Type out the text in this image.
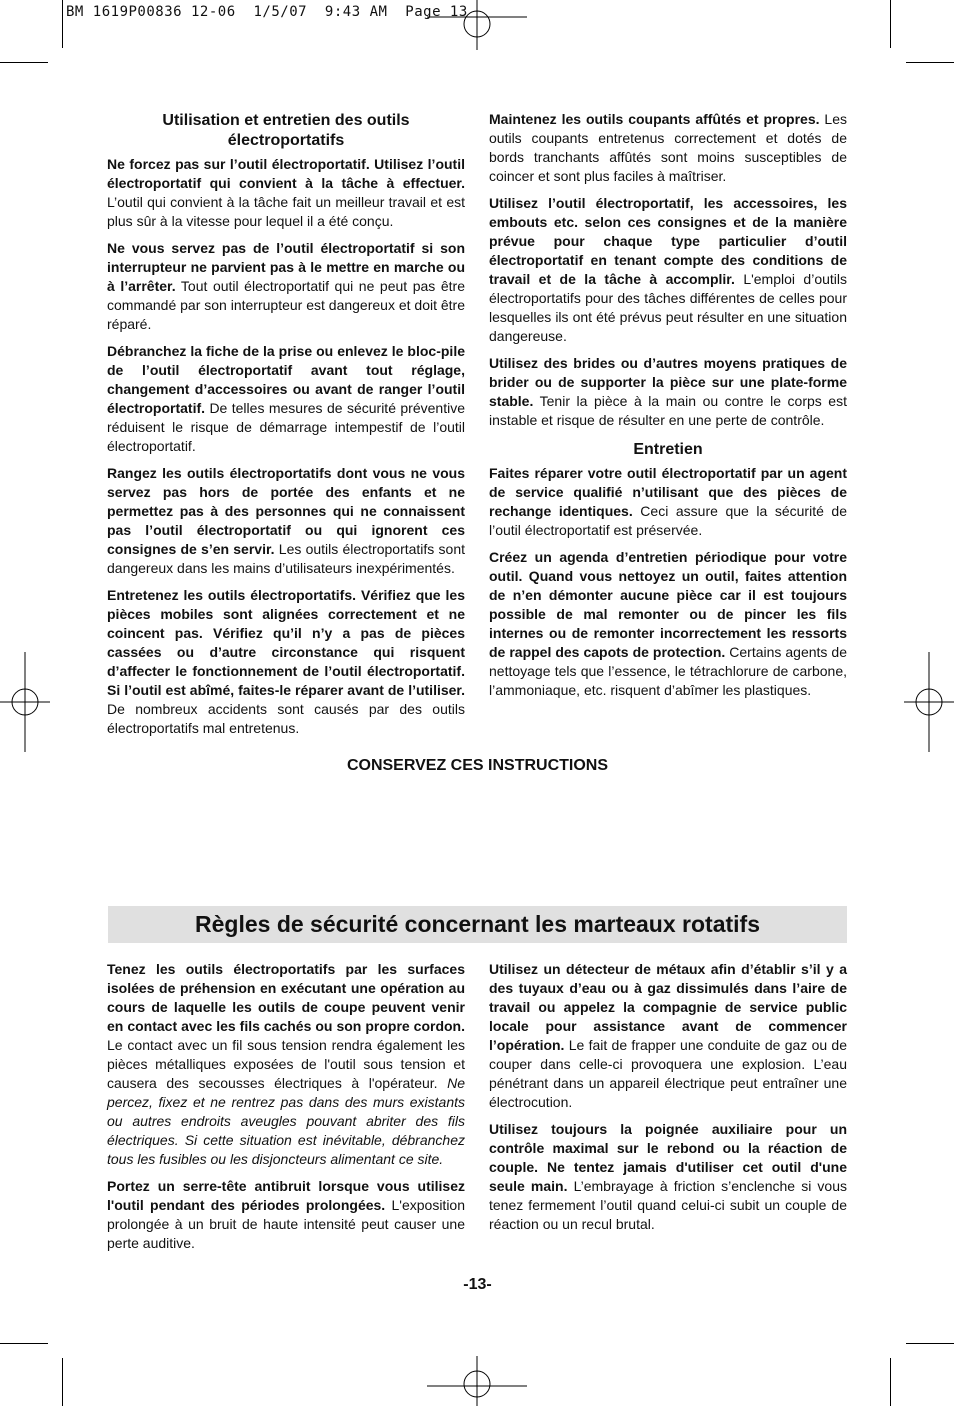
BM 1619P00836 12-06  1/5/07  9:43 AM  Page 13
Utilisation et entretien des outils électroportatifs

Ne forcez pas sur l’outil électroportatif. Utilisez l’outil électroportatif qui convient à la tâche à effectuer. L’outil qui convient à la tâche fait un meilleur travail et est plus sûr à la vitesse pour lequel il a été conçu.

Ne vous servez pas de l’outil électroportatif si son interrupteur ne parvient pas à le mettre en marche ou à l’arrêter. Tout outil électroportatif qui ne peut pas être commandé par son interrupteur est dangereux et doit être réparé.

Débranchez la fiche de la prise ou enlevez le bloc-pile de l’outil électroportatif avant tout réglage, changement d’accessoires ou avant de ranger l’outil électroportatif. De telles mesures de sécurité préventive réduisent le risque de démarrage intempestif de l’outil électroportatif.

Rangez les outils électroportatifs dont vous ne vous servez pas hors de portée des enfants et ne permettez pas à des personnes qui ne connaissent pas l’outil électroportatif ou qui ignorent ces consignes de s’en servir. Les outils électroportatifs sont dangereux dans les mains d’utilisateurs inexpérimentés.

Entretenez les outils électroportatifs. Vérifiez que les pièces mobiles sont alignées correctement et ne coincent pas. Vérifiez qu’il n’y a pas de pièces cassées ou d’autre circonstance qui risquent d’affecter le fonctionnement de l’outil électroportatif. Si l’outil est abîmé, faites-le réparer avant de l’utiliser. De nombreux accidents sont causés par des outils électroportatifs mal entretenus.

Maintenez les outils coupants affûtés et propres. Les outils coupants entretenus correctement et dotés de bords tranchants affûtés sont moins susceptibles de coincer et sont plus faciles à maîtriser.

Utilisez l’outil électroportatif, les accessoires, les embouts etc. selon ces consignes et de la manière prévue pour chaque type particulier d’outil électroportatif en tenant compte des conditions de travail et de la tâche à accomplir. L'emploi d’outils électroportatifs pour des tâches différentes de celles pour lesquelles ils ont été prévus peut résulter en une situation dangereuse.

Utilisez des brides ou d’autres moyens pratiques de brider ou de supporter la pièce sur une plate-forme stable. Tenir la pièce à la main ou contre le corps est instable et risque de résulter en une perte de contrôle.

Entretien

Faites réparer votre outil électroportatif par un agent de service qualifié n’utilisant que des pièces de rechange identiques. Ceci assure que la sécurité de l’outil électroportatif est préservée.

Créez un agenda d’entretien périodique pour votre outil. Quand vous nettoyez un outil, faites attention de n’en démonter aucune pièce car il est toujours possible de mal remonter ou de pincer les fils internes ou de remonter incorrectement les ressorts de rappel des capots de protection. Certains agents de nettoyage tels que l’essence, le tétrachlorure de carbone, l’ammoniaque, etc. risquent d’abîmer les plastiques.

CONSERVEZ CES INSTRUCTIONS
Règles de sécurité concernant les marteaux rotatifs

Tenez les outils électroportatifs par les surfaces isolées de préhension en exécutant une opération au cours de laquelle les outils de coupe peuvent venir en contact avec les fils cachés ou son propre cordon. Le contact avec un fil sous tension rendra également les pièces métalliques exposées de l'outil sous tension et causera des secousses électriques à l'opérateur. Ne percez, fixez et ne rentrez pas dans des murs existants ou autres endroits aveugles pouvant abriter des fils électriques. Si cette situation est inévitable, débranchez tous les fusibles ou les disjoncteurs alimentant ce site.

Portez un serre-tête antibruit lorsque vous utilisez l'outil pendant des périodes prolongées. L'exposition prolongée à un bruit de haute intensité peut causer une perte auditive.

Utilisez un détecteur de métaux afin d’établir s’il y a des tuyaux d’eau ou à gaz dissimulés dans l’aire de travail ou appelez la compagnie de service public locale pour assistance avant de commencer l’opération. Le fait de frapper une conduite de gaz ou de couper dans celle-ci provoquera une explosion. L’eau pénétrant dans un appareil électrique peut entraîner une électrocution.

Utilisez toujours la poignée auxiliaire pour un contrôle maximal sur le rebond ou la réaction de couple. Ne tentez jamais d'utiliser cet outil d'une seule main. L’embrayage à friction s’enclenche si vous tenez fermement l’outil quand celui-ci subit un couple de réaction ou un recul brutal.

-13-
